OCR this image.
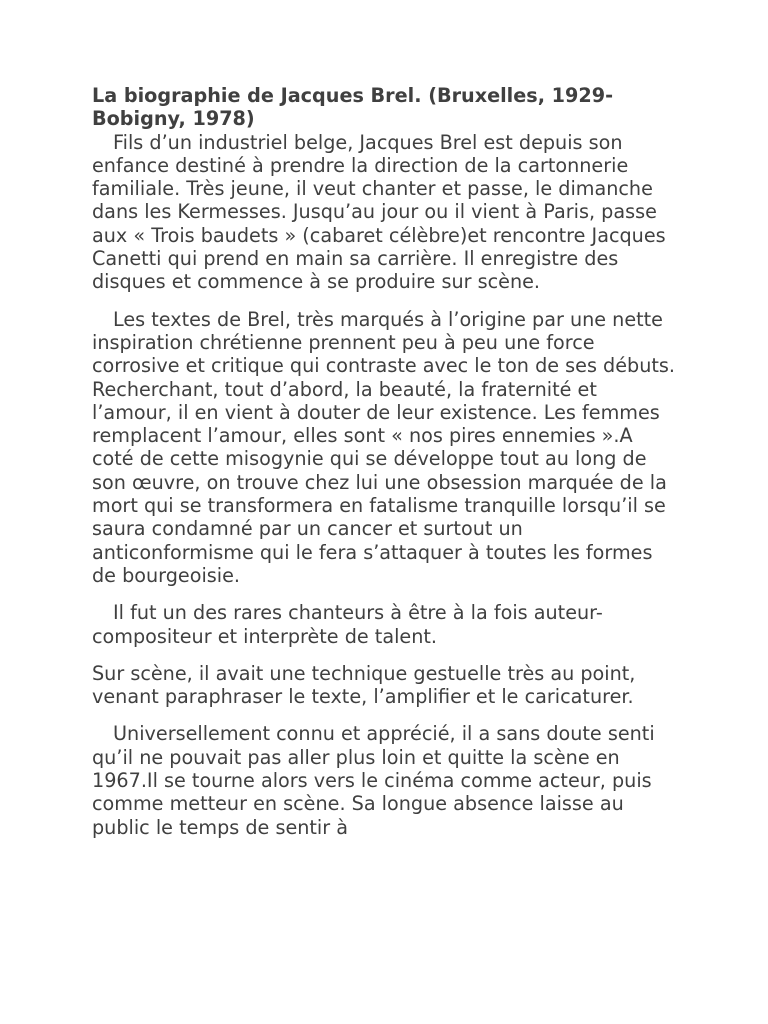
La biographie de Jacques Brel. (Bruxelles, 1929-Bobigny, 1978)

Fils d’un industriel belge, Jacques Brel est depuis son enfance destiné à prendre la direction de la cartonnerie familiale. Très jeune, il veut chanter et passe, le dimanche dans les Kermesses. Jusqu’au jour ou il vient à Paris, passe aux « Trois baudets » (cabaret célèbre)et rencontre Jacques Canetti qui prend en main sa carrière. Il enregistre des disques et commence à se produire sur scène.

Les textes de Brel, très marqués à l’origine par une nette inspiration chrétienne prennent peu à peu une force corrosive et critique qui contraste avec le ton de ses débuts. Recherchant, tout d’abord, la beauté, la fraternité et l’amour, il en vient à douter de leur existence. Les femmes remplacent l’amour, elles sont « nos pires ennemies ».A coté de cette misogynie qui se développe tout au long de son œuvre, on trouve chez lui une obsession marquée de la mort qui se transformera en fatalisme tranquille lorsqu’il se saura condamné par un cancer et surtout un anticonformisme qui le fera s’attaquer à toutes les formes de bourgeoisie.

Il fut un des rares chanteurs à être à la fois auteur-compositeur et interprète de talent.

Sur scène, il avait une technique gestuelle très au point, venant paraphraser le texte, l’amplifier et le caricaturer.

Universellement connu et apprécié, il a sans doute senti qu’il ne pouvait pas aller plus loin et quitte la scène en 1967.Il se tourne alors vers le cinéma comme acteur, puis comme metteur en scène. Sa longue absence laisse au public le temps de sentir à
